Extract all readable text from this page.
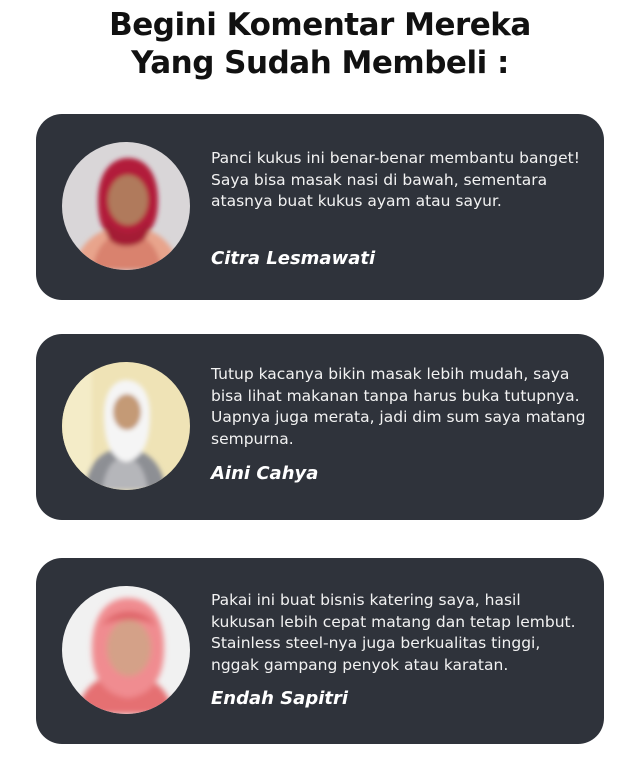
Begini Komentar Mereka
Yang Sudah Membeli :

Panci kukus ini benar-benar membantu banget! Saya bisa masak nasi di bawah, sementara atasnya buat kukus ayam atau sayur.

Citra Lesmawati

Tutup kacanya bikin masak lebih mudah, saya bisa lihat makanan tanpa harus buka tutupnya. Uapnya juga merata, jadi dim sum saya matang sempurna.

Aini Cahya

Pakai ini buat bisnis katering saya, hasil kukusan lebih cepat matang dan tetap lembut. Stainless steel-nya juga berkualitas tinggi, nggak gampang penyok atau karatan.

Endah Sapitri
